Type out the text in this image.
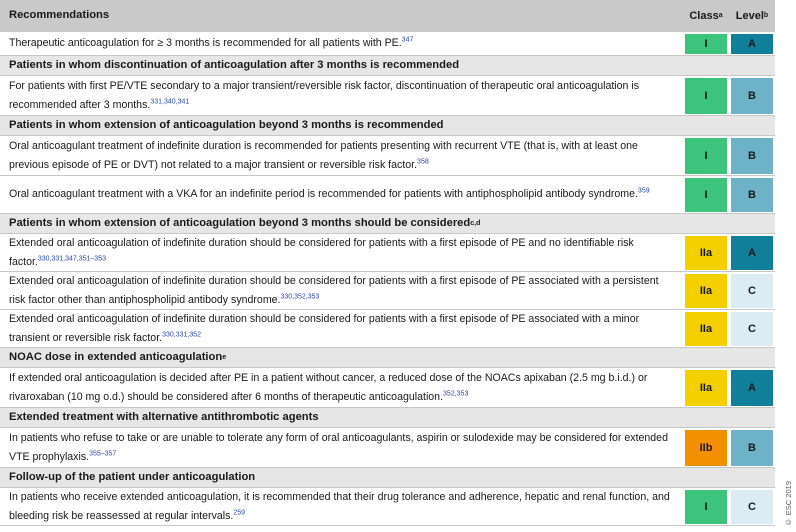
Recommendations	Class a Level b
Therapeutic anticoagulation for ≥ 3 months is recommended for all patients with PE.$^{347}$	I	A
Patients in whom discontinuation of anticoagulation after 3 months is recommended
For patients with first PE/VTE secondary to a major transient/reversible risk factor, discontinuation of therapeutic oral anticoagulation is recommended after 3 months.$^{331,340,341}$	I	B
Patients in whom extension of anticoagulation beyond 3 months is recommended
Oral anticoagulant treatment of indefinite duration is recommended for patients presenting with recurrent VTE (that is, with at least one previous episode of PE or DVT) not related to a major transient or reversible risk factor.$^{358}$	I	B
Oral anticoagulant treatment with a VKA for an indefinite period is recommended for patients with antiphospholipid antibody syndrome.$^{359}$	I	B
Patients in whom extension of anticoagulation beyond 3 months should be considered c,d
Extended oral anticoagulation of indefinite duration should be considered for patients with a first episode of PE and no identifiable risk factor.$^{330,331,347,351-353}$	IIa	A
Extended oral anticoagulation of indefinite duration should be considered for patients with a first episode of PE associated with a persistent risk factor other than antiphospholipid antibody syndrome.$^{330,352,353}$	IIa	C
Extended oral anticoagulation of indefinite duration should be considered for patients with a first episode of PE associated with a minor transient or reversible risk factor.$^{330,331,352}$	IIa	C
NOAC dose in extended anticoagulation e
If extended oral anticoagulation is decided after PE in a patient without cancer, a reduced dose of the NOACs apixaban (2.5 mg b.i.d.) or rivaroxaban (10 mg o.d.) should be considered after 6 months of therapeutic anticoagulation.$^{352,353}$	IIa	A
Extended treatment with alternative antithrombotic agents
In patients who refuse to take or are unable to tolerate any form of oral anticoagulants, aspirin or sulodexide may be considered for extended VTE prophylaxis.$^{355-357}$	IIb	B
Follow-up of the patient under anticoagulation
In patients who receive extended anticoagulation, it is recommended that their drug tolerance and adherence, hepatic and renal function, and bleeding risk be reassessed at regular intervals.$^{259}$	I	C	© ESC 2019
